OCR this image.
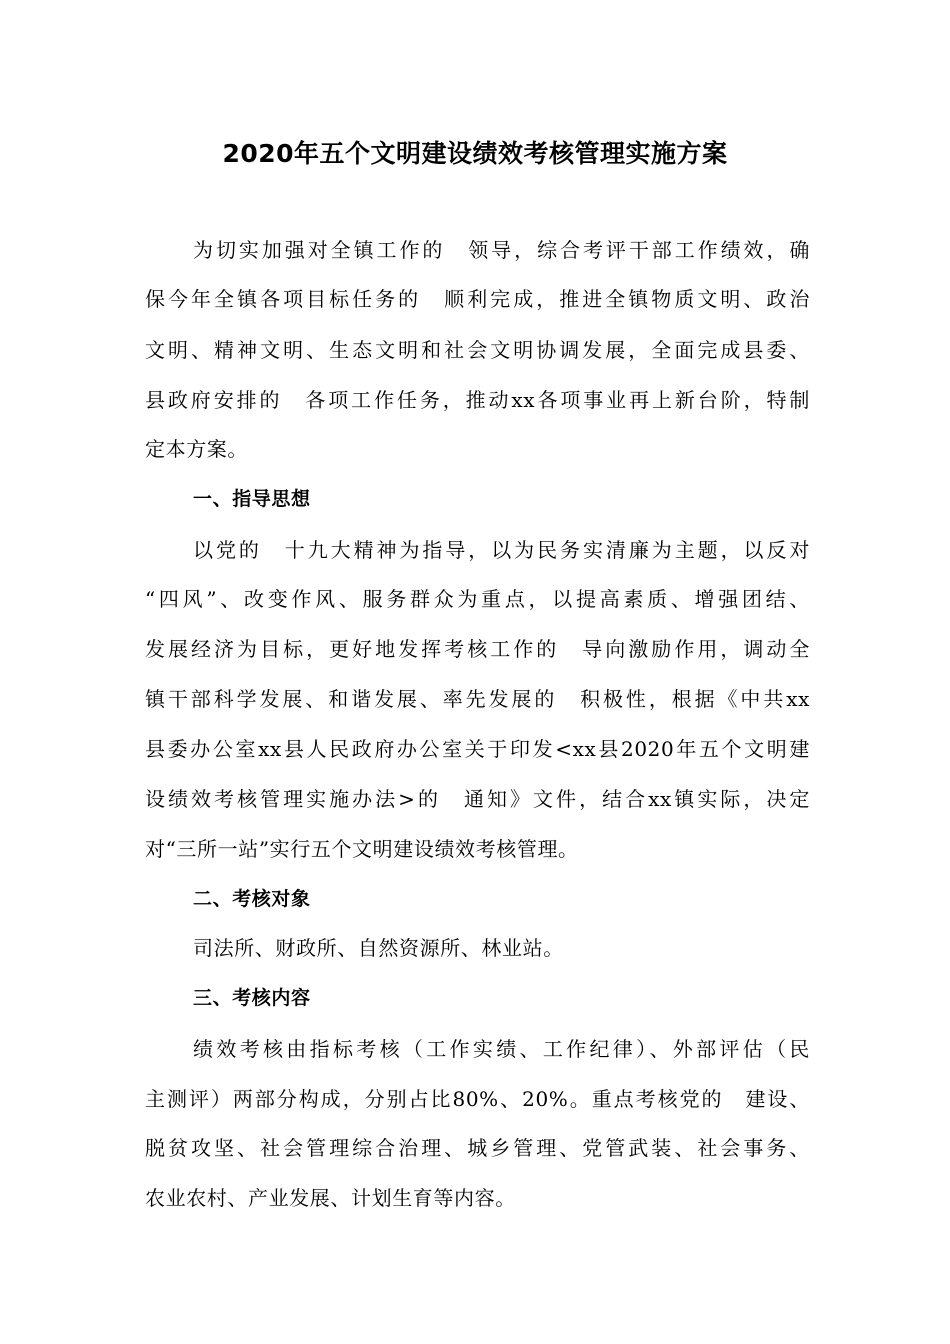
2020年五个文明建设绩效考核管理实施方案
为切实加强对全镇工作的　领导，综合考评干部工作绩效，确
保今年全镇各项目标任务的　顺利完成，推进全镇物质文明、政治
文明、精神文明、生态文明和社会文明协调发展，全面完成县委、
县政府安排的　各项工作任务，推动xx各项事业再上新台阶，特制
定本方案。
一、指导思想
以党的　十九大精神为指导，以为民务实清廉为主题，以反对
“四风”、改变作风、服务群众为重点，以提高素质、增强团结、
发展经济为目标，更好地发挥考核工作的　导向激励作用，调动全
镇干部科学发展、和谐发展、率先发展的　积极性，根据《中共xx
县委办公室xx县人民政府办公室关于印发<xx县2020年五个文明建
设绩效考核管理实施办法>的　通知》文件，结合xx镇实际，决定
对“三所一站”实行五个文明建设绩效考核管理。
二、考核对象
司法所、财政所、自然资源所、林业站。
三、考核内容
绩效考核由指标考核（工作实绩、工作纪律）、外部评估（民
主测评）两部分构成，分别占比80%、20%。重点考核党的　建设、
脱贫攻坚、社会管理综合治理、城乡管理、党管武装、社会事务、
农业农村、产业发展、计划生育等内容。
